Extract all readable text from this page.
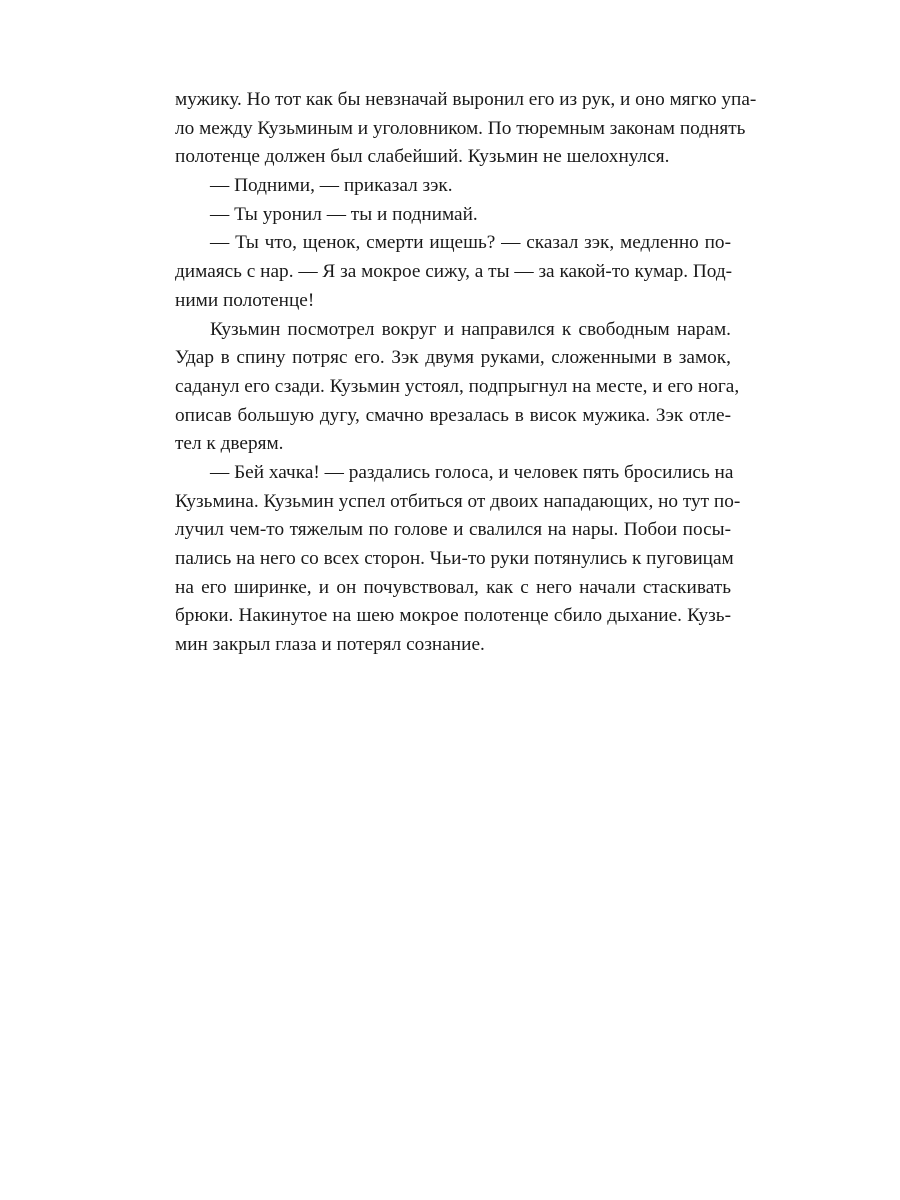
мужику. Но тот как бы невзначай выронил его из рук, и оно мягко упа-
ло между Кузьминым и уголовником. По тюремным законам поднять
полотенце должен был слабейший. Кузьмин не шелохнулся.
— Подними, — приказал зэк.
— Ты уронил — ты и поднимай.
— Ты что, щенок, смерти ищешь? — сказал зэк, медленно по-
димаясь с нар. — Я за мокрое сижу, а ты — за какой-то кумар. Под-
ними полотенце!
Кузьмин посмотрел вокруг и направился к свободным нарам.
Удар в спину потряс его. Зэк двумя руками, сложенными в замок,
саданул его сзади. Кузьмин устоял, подпрыгнул на месте, и его нога,
описав большую дугу, смачно врезалась в висок мужика. Зэк отле-
тел к дверям.
— Бей хачка! — раздались голоса, и человек пять бросились на
Кузьмина. Кузьмин успел отбиться от двоих нападающих, но тут по-
лучил чем-то тяжелым по голове и свалился на нары. Побои посы-
пались на него со всех сторон. Чьи-то руки потянулись к пуговицам
на его ширинке, и он почувствовал, как с него начали стаскивать
брюки. Накинутое на шею мокрое полотенце сбило дыхание. Кузь-
мин закрыл глаза и потерял сознание.
